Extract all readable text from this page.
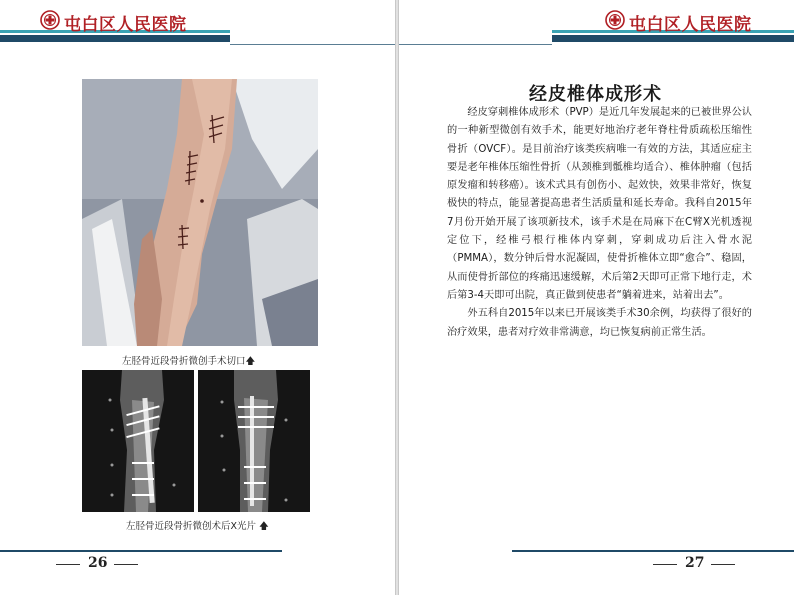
屯白区人民医院
左胫骨近段骨折微创手术切口🡅
左胫骨近段骨折微创术后X光片 🡅
26
屯白区人民医院
经皮椎体成形术

经皮穿刺椎体成形术（PVP）是近几年发展起来的已被世界公认的一种新型微创有效手术，能更好地治疗老年脊柱骨质疏松压缩性骨折（OVCF）。是目前治疗该类疾病唯一有效的方法，其适应症主要是老年椎体压缩性骨折（从颈椎到骶椎均适合）、椎体肿瘤（包括原发瘤和转移癌）。该术式具有创伤小、起效快，效果非常好，恢复极快的特点，能显著提高患者生活质量和延长寿命。我科自2015年7月份开始开展了该项新技术，该手术是在局麻下在C臂X光机透视定位下，经椎弓根行椎体内穿刺，穿刺成功后注入骨水泥（PMMA），数分钟后骨水泥凝固，使骨折椎体立即“愈合”、稳固，从而使骨折部位的疼痛迅速缓解，术后第2天即可正常下地行走，术后第3-4天即可出院，真正做到使患者“躺着进来，站着出去”。

外五科自2015年以来已开展该类手术30余例，均获得了很好的治疗效果，患者对疗效非常满意，均已恢复病前正常生活。

27
